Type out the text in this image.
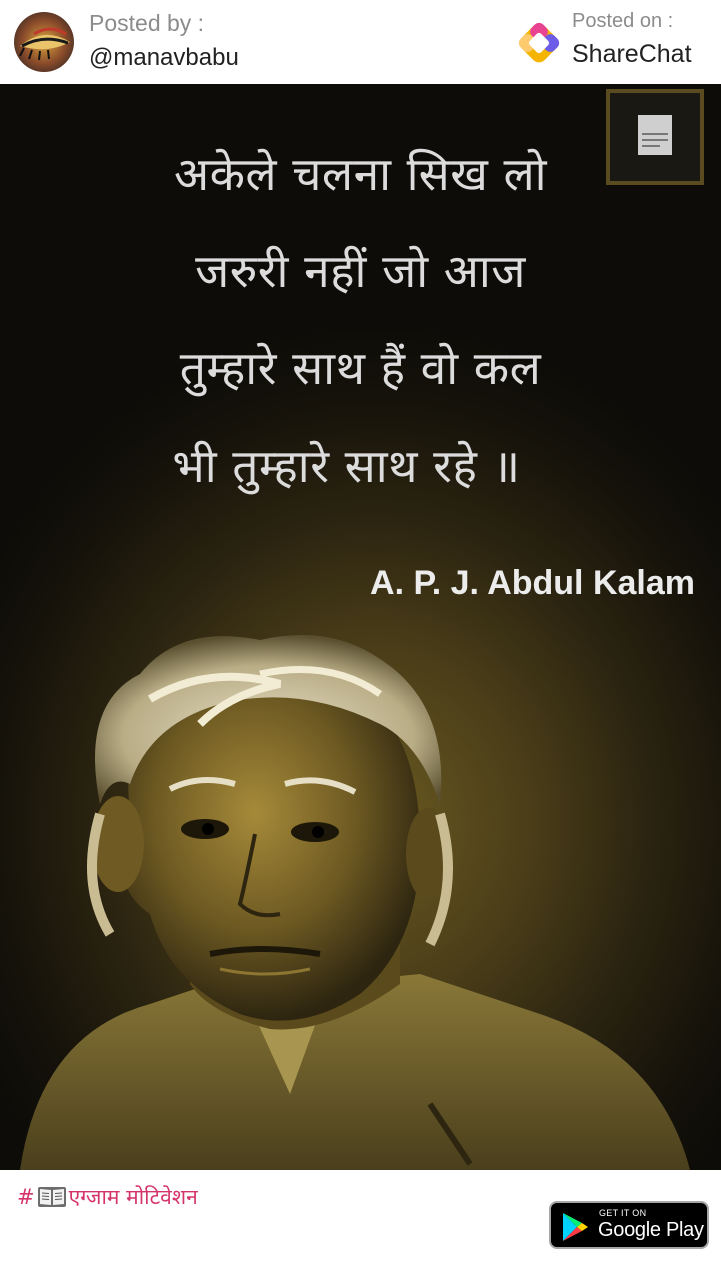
Posted by :
@manavbabu
Posted on :
ShareChat
अकेले चलना सिख लो
जरुरी नहीं जो आज
तुम्हारे साथ हैं वो कल
भी तुम्हारे साथ रहे ॥
A. P. J. Abdul Kalam
# एग्जाम मोटिवेशन
GET IT ON
Google Play
